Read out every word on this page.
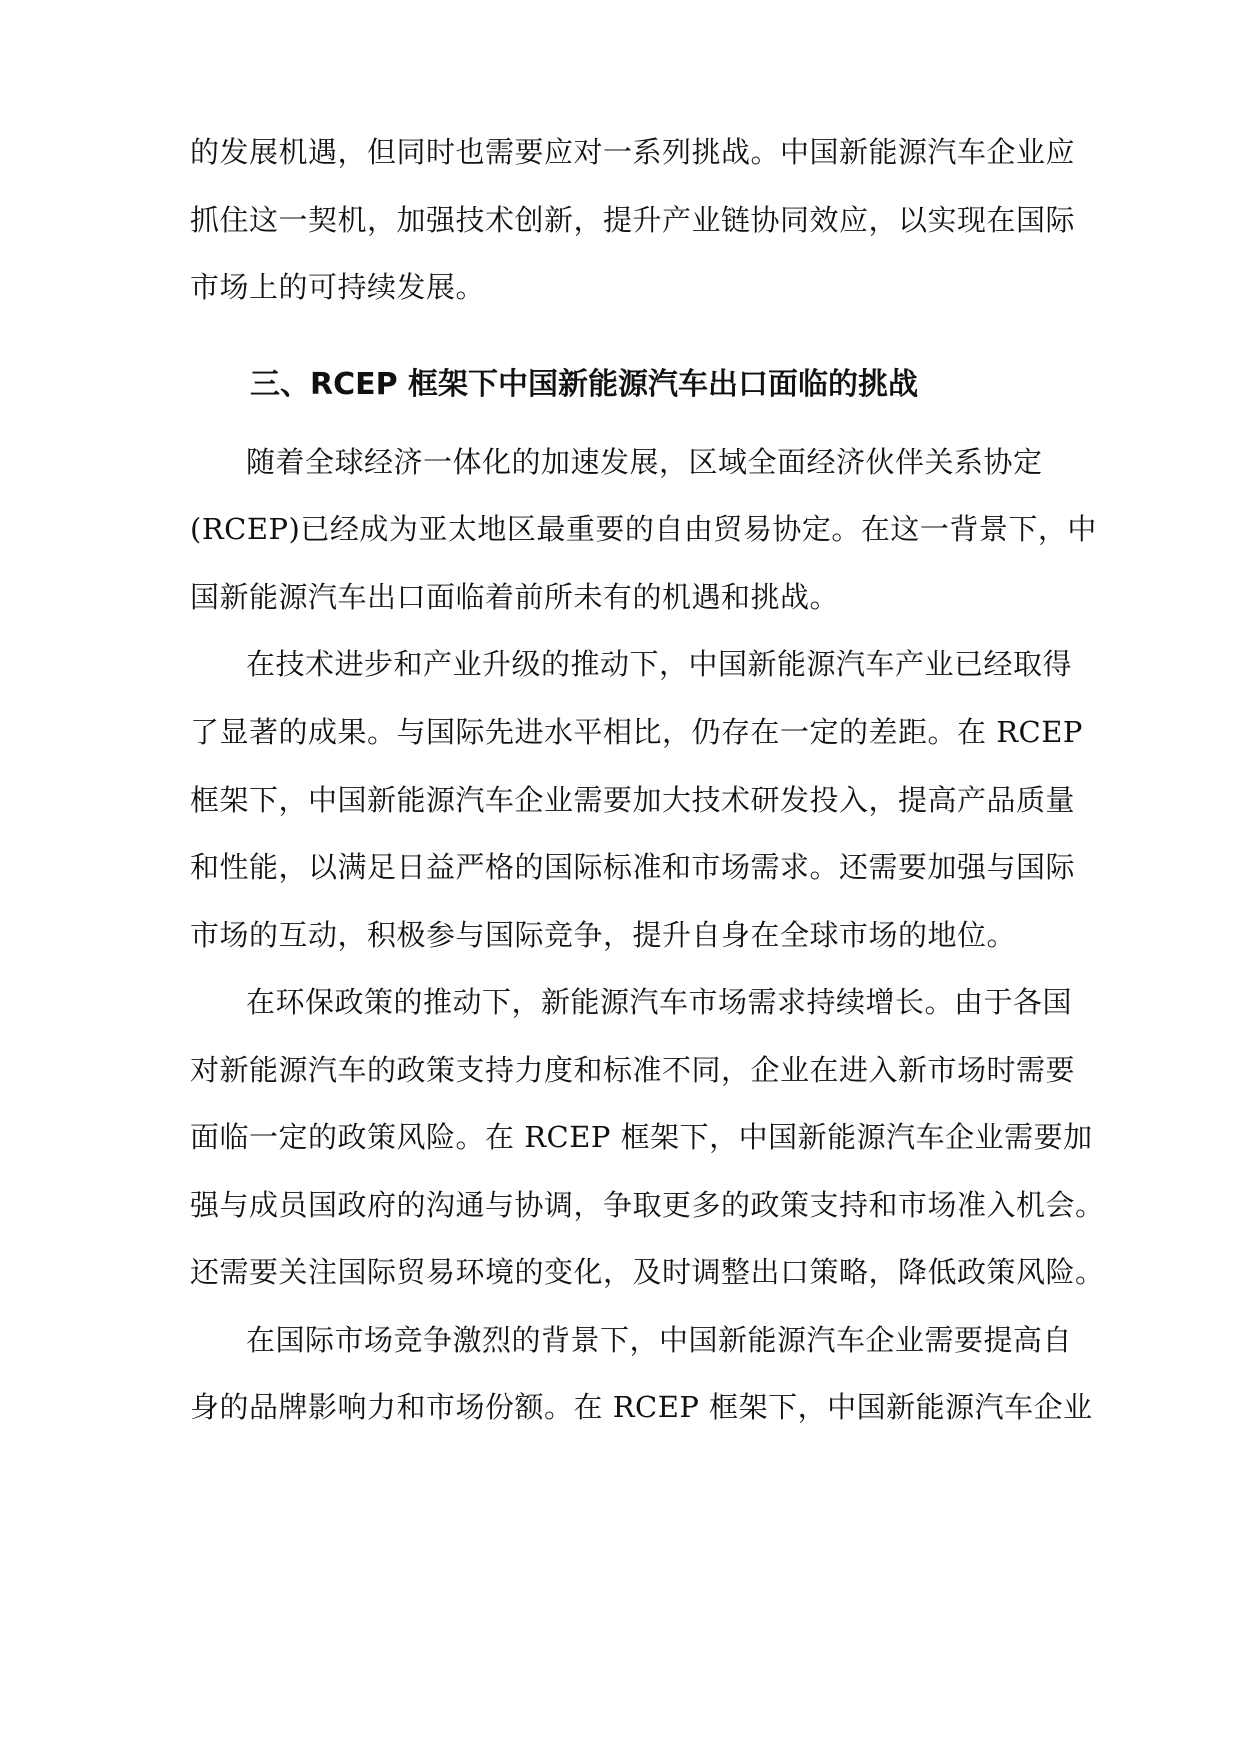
的发展机遇，但同时也需要应对一系列挑战。中国新能源汽车企业应
抓住这一契机，加强技术创新，提升产业链协同效应，以实现在国际
市场上的可持续发展。
三、RCEP 框架下中国新能源汽车出口面临的挑战
随着全球经济一体化的加速发展，区域全面经济伙伴关系协定
(RCEP)已经成为亚太地区最重要的自由贸易协定。在这一背景下，中
国新能源汽车出口面临着前所未有的机遇和挑战。
在技术进步和产业升级的推动下，中国新能源汽车产业已经取得
了显著的成果。与国际先进水平相比，仍存在一定的差距。在 RCEP
框架下，中国新能源汽车企业需要加大技术研发投入，提高产品质量
和性能，以满足日益严格的国际标准和市场需求。还需要加强与国际
市场的互动，积极参与国际竞争，提升自身在全球市场的地位。
在环保政策的推动下，新能源汽车市场需求持续增长。由于各国
对新能源汽车的政策支持力度和标准不同，企业在进入新市场时需要
面临一定的政策风险。在 RCEP 框架下，中国新能源汽车企业需要加
强与成员国政府的沟通与协调，争取更多的政策支持和市场准入机会。
还需要关注国际贸易环境的变化，及时调整出口策略，降低政策风险。
在国际市场竞争激烈的背景下，中国新能源汽车企业需要提高自
身的品牌影响力和市场份额。在 RCEP 框架下，中国新能源汽车企业
